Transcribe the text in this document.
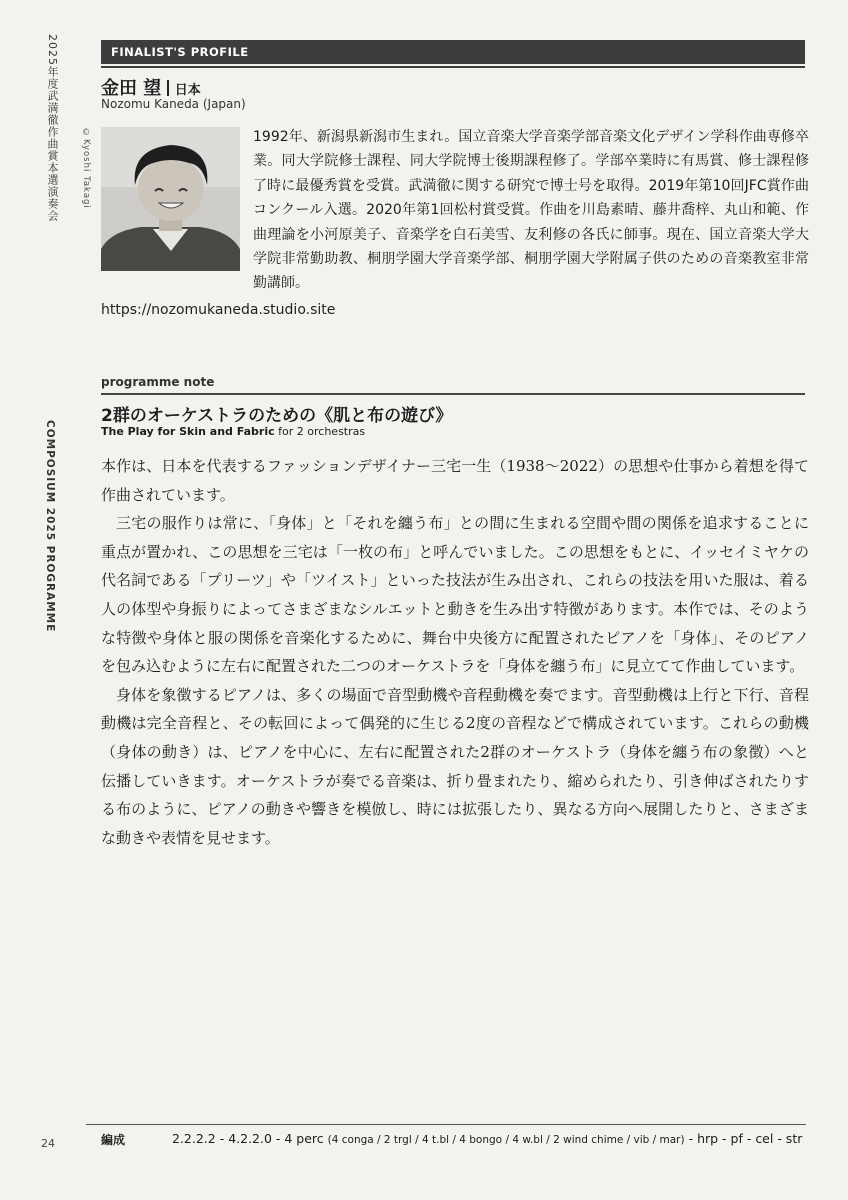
2025年度武満徹作曲賞本選演奏会
COMPOSIUM 2025 PROGRAMME
©Kyoshi Takagi
FINALIST'S PROFILE
金田 望 日本
Nozomu Kaneda (Japan)

1992年、新潟県新潟市生まれ。国立音楽大学音楽学部音楽文化デザイン学科作曲専修卒業。同大学院修士課程、同大学院博士後期課程修了。学部卒業時に有馬賞、修士課程修了時に最優秀賞を受賞。武満徹に関する研究で博士号を取得。2019年第10回JFC賞作曲コンクール入選。2020年第1回松村賞受賞。作曲を川島素晴、藤井喬梓、丸山和範、作曲理論を小河原美子、音楽学を白石美雪、友利修の各氏に師事。現在、国立音楽大学大学院非常勤助教、桐朋学園大学音楽学部、桐朋学園大学附属子供のための音楽教室非常勤講師。

https://nozomukaneda.studio.site
programme note
2群のオーケストラのための《肌と布の遊び》
The Play for Skin and Fabric for 2 orchestras

本作は、日本を代表するファッションデザイナー三宅一生（1938〜2022）の思想や仕事から着想を得て作曲されています。

三宅の服作りは常に、「身体」と「それを纏う布」との間に生まれる空間や間の関係を追求することに重点が置かれ、この思想を三宅は「一枚の布」と呼んでいました。この思想をもとに、イッセイミヤケの代名詞である「プリーツ」や「ツイスト」といった技法が生み出され、これらの技法を用いた服は、着る人の体型や身振りによってさまざまなシルエットと動きを生み出す特徴があります。本作では、そのような特徴や身体と服の関係を音楽化するために、舞台中央後方に配置されたピアノを「身体」、そのピアノを包み込むように左右に配置された二つのオーケストラを「身体を纏う布」に見立てて作曲しています。

身体を象徴するピアノは、多くの場面で音型動機や音程動機を奏でます。音型動機は上行と下行、音程動機は完全音程と、その転回によって偶発的に生じる2度の音程などで構成されています。これらの動機（身体の動き）は、ピアノを中心に、左右に配置された2群のオーケストラ（身体を纏う布の象徴）へと伝播していきます。オーケストラが奏でる音楽は、折り畳まれたり、縮められたり、引き伸ばされたりする布のように、ピアノの動きや響きを模倣し、時には拡張したり、異なる方向へ展開したりと、さまざまな動きや表情を見せます。

24	編成	2.2.2.2 - 4.2.2.0 - 4 perc (4 conga / 2 trgl / 4 t.bl / 4 bongo / 4 w.bl / 2 wind chime / vib / mar) - hrp - pf - cel - str
